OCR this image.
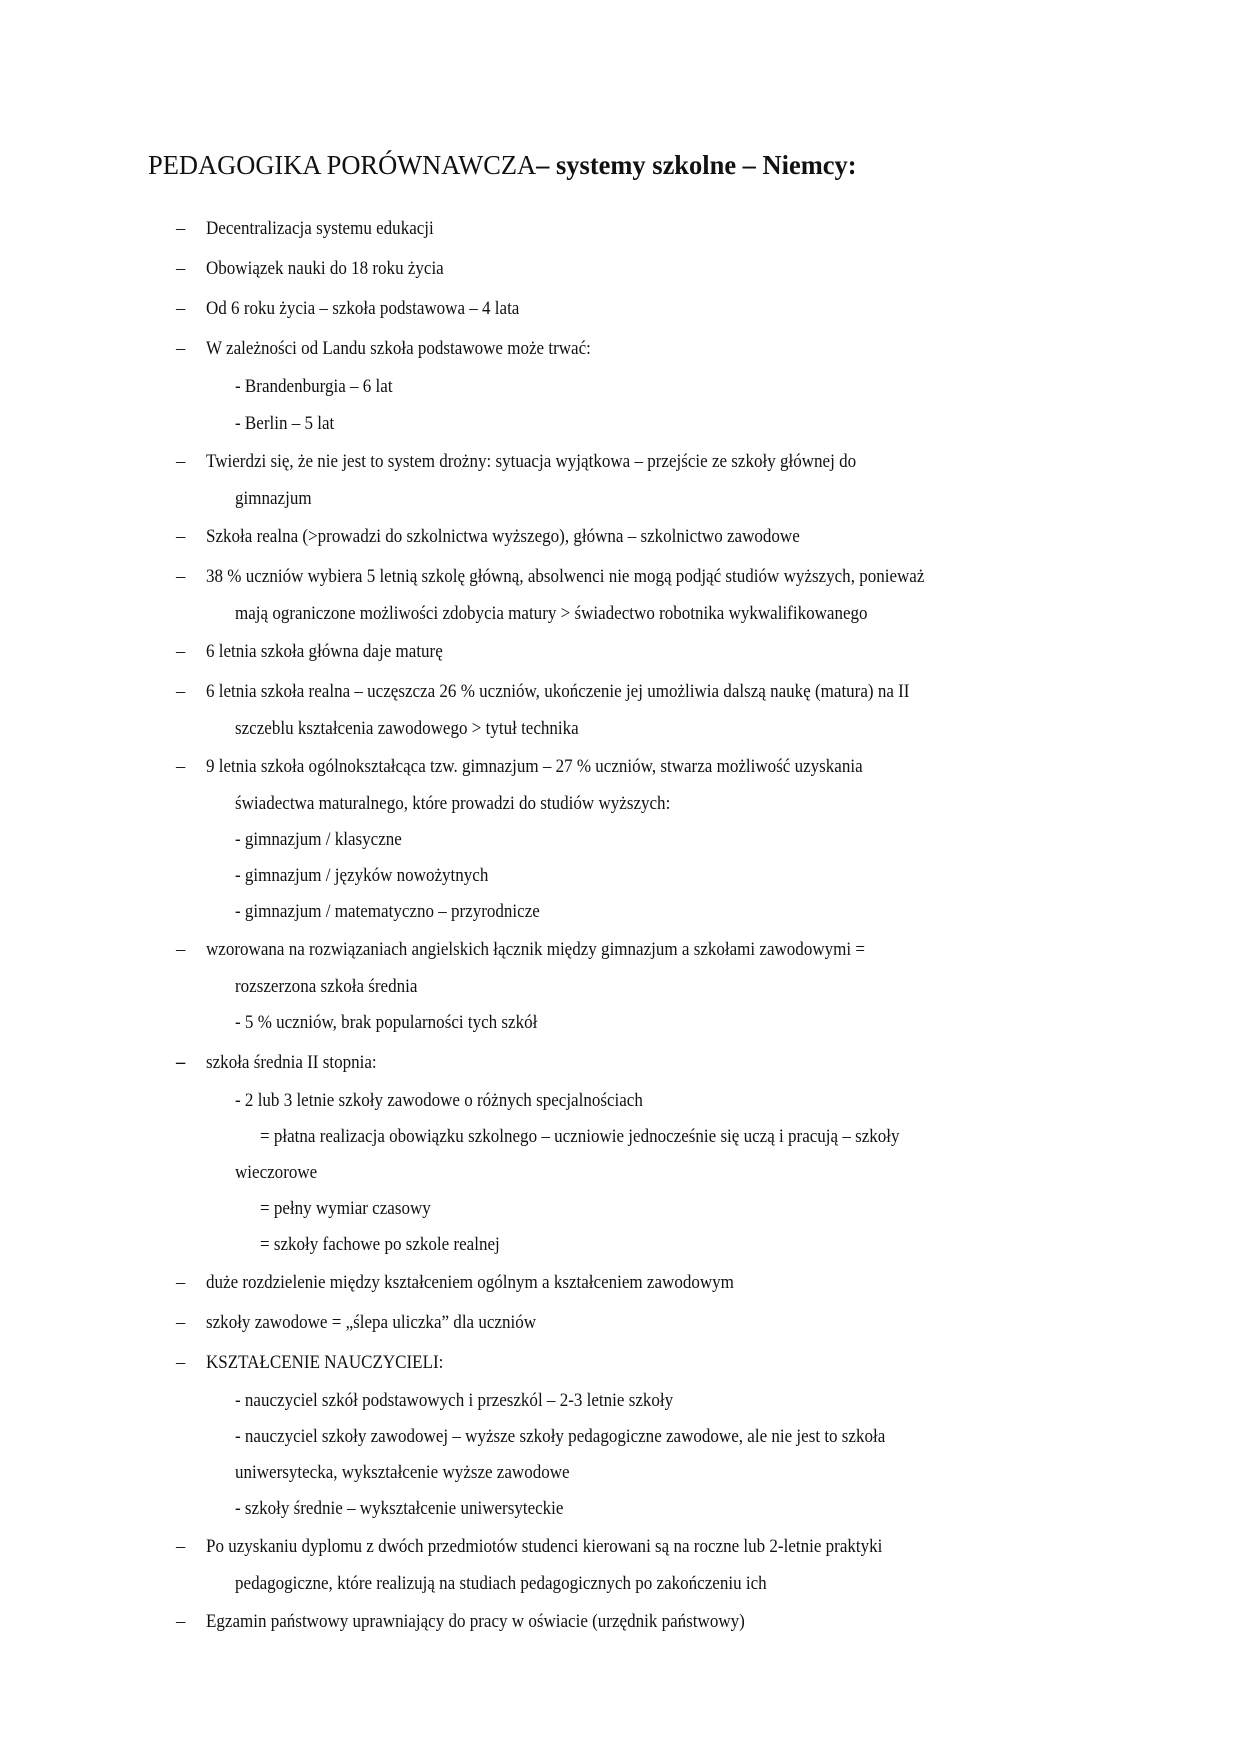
PEDAGOGIKA PORÓWNAWCZA– systemy szkolne – Niemcy:
– Decentralizacja systemu edukacji
– Obowiązek nauki do 18 roku życia
– Od 6 roku życia – szkoła podstawowa – 4 lata
– W zależności od Landu szkoła podstawowe może trwać:
- Brandenburgia – 6 lat
- Berlin – 5 lat
– Twierdzi się, że nie jest to system drożny: sytuacja wyjątkowa – przejście ze szkoły głównej do
gimnazjum
– Szkoła realna (>prowadzi do szkolnictwa wyższego), główna – szkolnictwo zawodowe
– 38 % uczniów wybiera 5 letnią szkolę główną, absolwenci nie mogą podjąć studiów wyższych, ponieważ
mają ograniczone możliwości zdobycia matury > świadectwo robotnika wykwalifikowanego
– 6 letnia szkoła główna daje maturę
– 6 letnia szkoła realna – uczęszcza 26 % uczniów, ukończenie jej umożliwia dalszą naukę (matura) na II
szczeblu kształcenia zawodowego > tytuł technika
– 9 letnia szkoła ogólnokształcąca tzw. gimnazjum – 27 % uczniów, stwarza możliwość uzyskania
świadectwa maturalnego, które prowadzi do studiów wyższych:
- gimnazjum / klasyczne
- gimnazjum / języków nowożytnych
- gimnazjum / matematyczno – przyrodnicze
– wzorowana na rozwiązaniach angielskich łącznik między gimnazjum a szkołami zawodowymi =
rozszerzona szkoła średnia
- 5 % uczniów, brak popularności tych szkół
– szkoła średnia II stopnia:
- 2 lub 3 letnie szkoły zawodowe o różnych specjalnościach
= płatna realizacja obowiązku szkolnego – uczniowie jednocześnie się uczą i pracują – szkoły
wieczorowe
= pełny wymiar czasowy
= szkoły fachowe po szkole realnej
– duże rozdzielenie między kształceniem ogólnym a kształceniem zawodowym
– szkoły zawodowe = „ślepa uliczka” dla uczniów
– KSZTAŁCENIE NAUCZYCIELI:
- nauczyciel szkół podstawowych i przeszkól – 2-3 letnie szkoły
- nauczyciel szkoły zawodowej – wyższe szkoły pedagogiczne zawodowe, ale nie jest to szkoła
uniwersytecka, wykształcenie wyższe zawodowe
- szkoły średnie – wykształcenie uniwersyteckie
– Po uzyskaniu dyplomu z dwóch przedmiotów studenci kierowani są na roczne lub 2-letnie praktyki
pedagogiczne, które realizują na studiach pedagogicznych po zakończeniu ich
– Egzamin państwowy uprawniający do pracy w oświacie (urzędnik państwowy)
